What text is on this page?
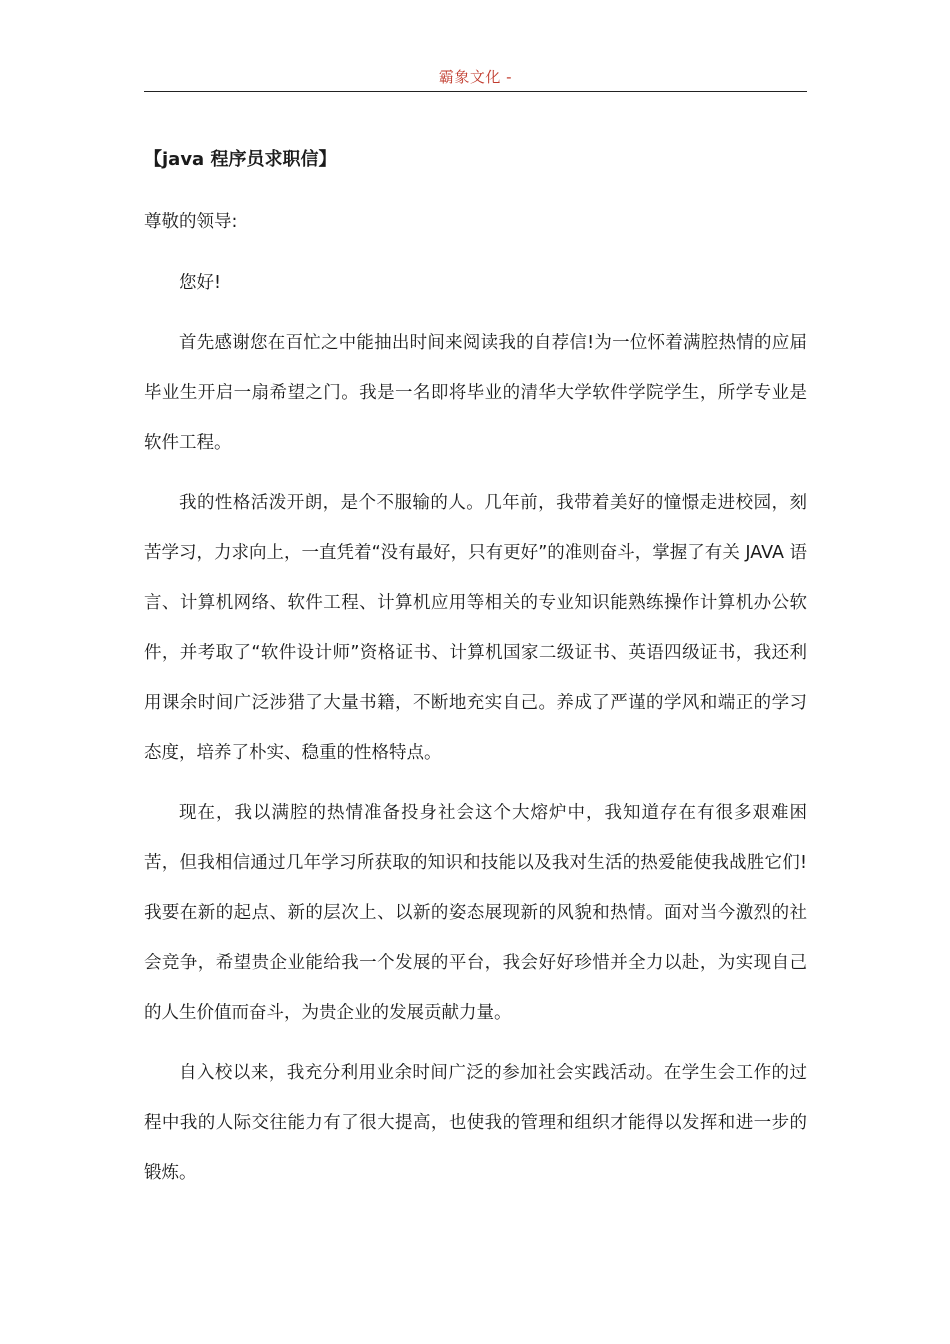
霸象文化 -

【java 程序员求职信】

尊敬的领导:

您好!

首先感谢您在百忙之中能抽出时间来阅读我的自荐信!为一位怀着满腔热情的应届毕业生开启一扇希望之门。我是一名即将毕业的清华大学软件学院学生，所学专业是软件工程。

我的性格活泼开朗，是个不服输的人。几年前，我带着美好的憧憬走进校园，刻苦学习，力求向上，一直凭着“没有最好，只有更好”的准则奋斗，掌握了有关 JAVA 语言、计算机网络、软件工程、计算机应用等相关的专业知识能熟练操作计算机办公软件，并考取了“软件设计师”资格证书、计算机国家二级证书、英语四级证书，我还利用课余时间广泛涉猎了大量书籍，不断地充实自己。养成了严谨的学风和端正的学习态度，培养了朴实、稳重的性格特点。

现在，我以满腔的热情准备投身社会这个大熔炉中，我知道存在有很多艰难困苦，但我相信通过几年学习所获取的知识和技能以及我对生活的热爱能使我战胜它们!我要在新的起点、新的层次上、以新的姿态展现新的风貌和热情。面对当今激烈的社会竞争，希望贵企业能给我一个发展的平台，我会好好珍惜并全力以赴，为实现自己的人生价值而奋斗，为贵企业的发展贡献力量。

自入校以来，我充分利用业余时间广泛的参加社会实践活动。在学生会工作的过程中我的人际交往能力有了很大提高，也使我的管理和组织才能得以发挥和进一步的锻炼。
